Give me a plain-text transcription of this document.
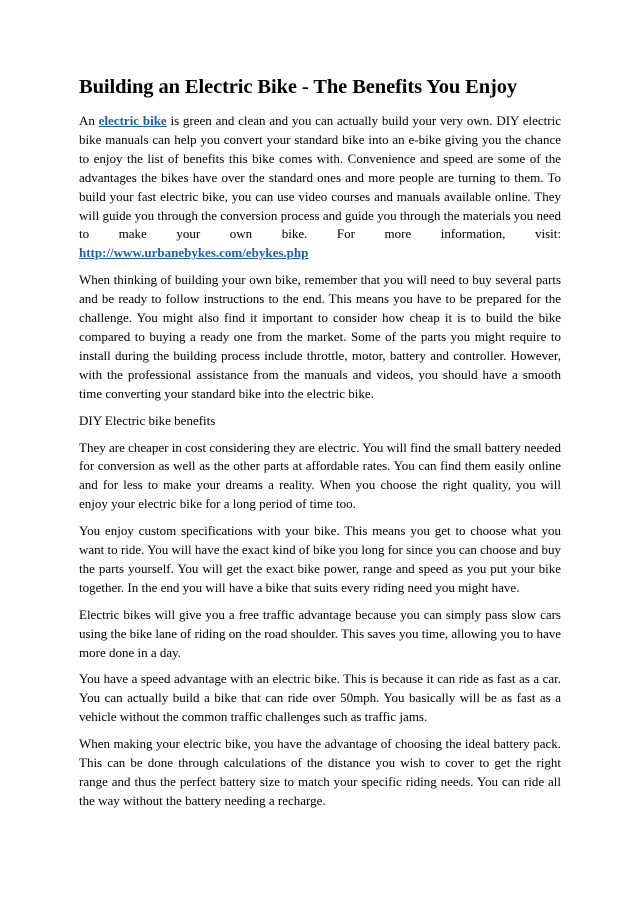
Building an Electric Bike - The Benefits You Enjoy

An electric bike is green and clean and you can actually build your very own. DIY electric bike manuals can help you convert your standard bike into an e-bike giving you the chance to enjoy the list of benefits this bike comes with. Convenience and speed are some of the advantages the bikes have over the standard ones and more people are turning to them. To build your fast electric bike, you can use video courses and manuals available online. They will guide you through the conversion process and guide you through the materials you need to make your own bike. For more information, visit: http://www.urbanebykes.com/ebykes.php

When thinking of building your own bike, remember that you will need to buy several parts and be ready to follow instructions to the end. This means you have to be prepared for the challenge. You might also find it important to consider how cheap it is to build the bike compared to buying a ready one from the market. Some of the parts you might require to install during the building process include throttle, motor, battery and controller. However, with the professional assistance from the manuals and videos, you should have a smooth time converting your standard bike into the electric bike.

DIY Electric bike benefits

They are cheaper in cost considering they are electric. You will find the small battery needed for conversion as well as the other parts at affordable rates. You can find them easily online and for less to make your dreams a reality. When you choose the right quality, you will enjoy your electric bike for a long period of time too.

You enjoy custom specifications with your bike. This means you get to choose what you want to ride. You will have the exact kind of bike you long for since you can choose and buy the parts yourself. You will get the exact bike power, range and speed as you put your bike together. In the end you will have a bike that suits every riding need you might have.

Electric bikes will give you a free traffic advantage because you can simply pass slow cars using the bike lane of riding on the road shoulder. This saves you time, allowing you to have more done in a day.

You have a speed advantage with an electric bike. This is because it can ride as fast as a car. You can actually build a bike that can ride over 50mph. You basically will be as fast as a vehicle without the common traffic challenges such as traffic jams.

When making your electric bike, you have the advantage of choosing the ideal battery pack. This can be done through calculations of the distance you wish to cover to get the right range and thus the perfect battery size to match your specific riding needs. You can ride all the way without the battery needing a recharge.
